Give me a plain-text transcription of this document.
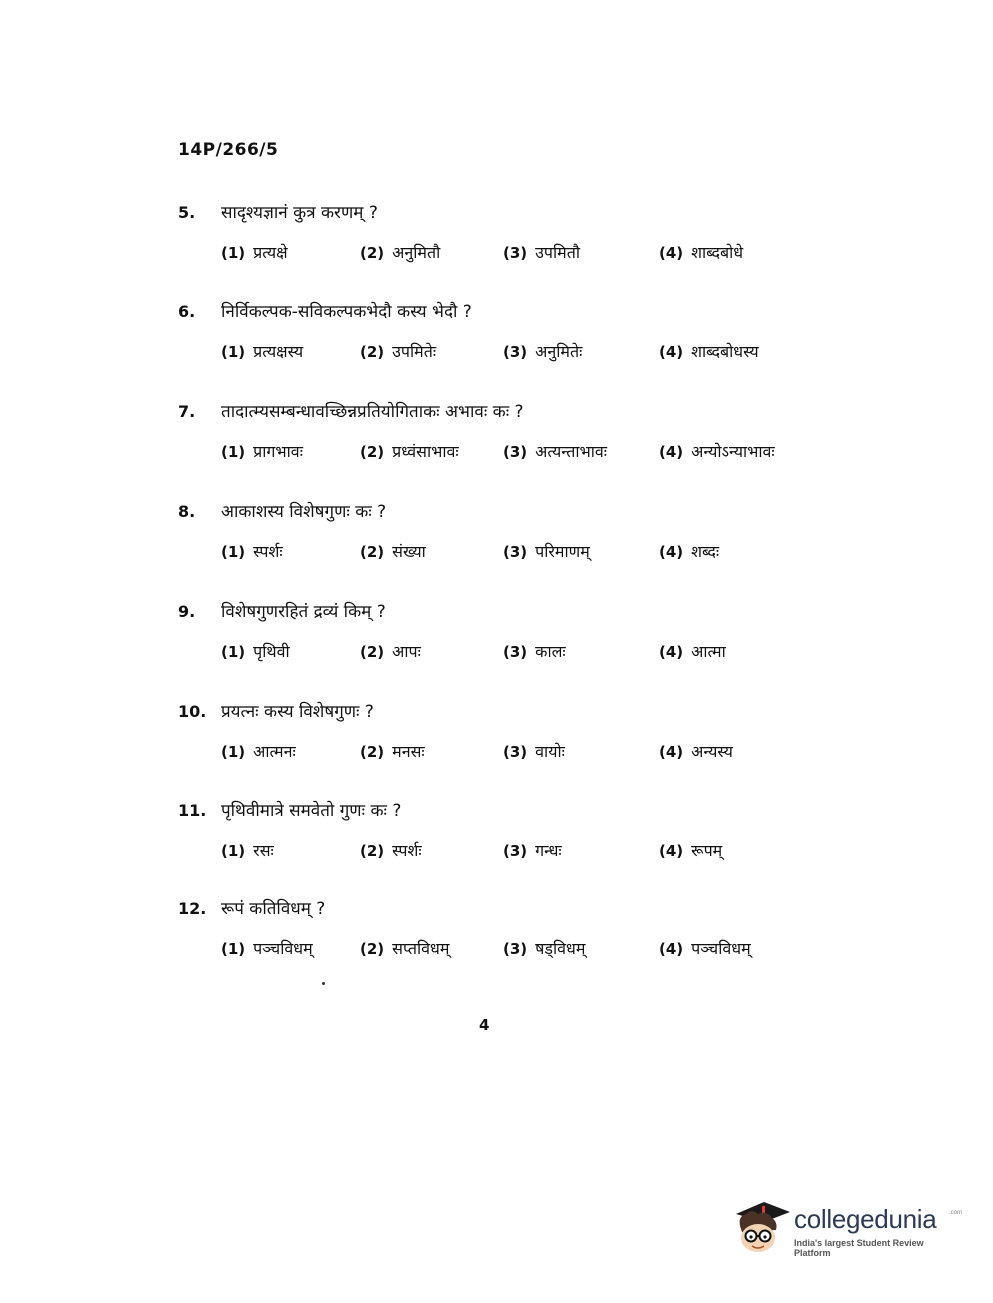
14P/266/5
5. सादृश्यज्ञानं कुत्र करणम् ?
(1) प्रत्यक्षे	(2) अनुमितौ	(3) उपमितौ	(4) शाब्दबोधे
6. निर्विकल्पक-सविकल्पकभेदौ कस्य भेदौ ?
(1) प्रत्यक्षस्य	(2) उपमितेः	(3) अनुमितेः	(4) शाब्दबोधस्य
7. तादात्म्यसम्बन्धावच्छिन्नप्रतियोगिताकः अभावः कः ?
(1) प्रागभावः	(2) प्रध्वंसाभावः	(3) अत्यन्ताभावः	(4) अन्योऽन्याभावः
8. आकाशस्य विशेषगुणः कः ?
(1) स्पर्शः	(2) संख्या	(3) परिमाणम्	(4) शब्दः
9. विशेषगुणरहितं द्रव्यं किम् ?
(1) पृथिवी	(2) आपः	(3) कालः	(4) आत्मा
10. प्रयत्नः कस्य विशेषगुणः ?
(1) आत्मनः	(2) मनसः	(3) वायोः	(4) अन्यस्य
11. पृथिवीमात्रे समवेतो गुणः कः ?
(1) रसः	(2) स्पर्शः	(3) गन्धः	(4) रूपम्
12. रूपं कतिविधम् ?
(1) पञ्चविधम्	(2) सप्तविधम्	(3) षड्विधम्	(4) पञ्चविधम्
4
collegedunia .com
India's largest Student Review Platform
